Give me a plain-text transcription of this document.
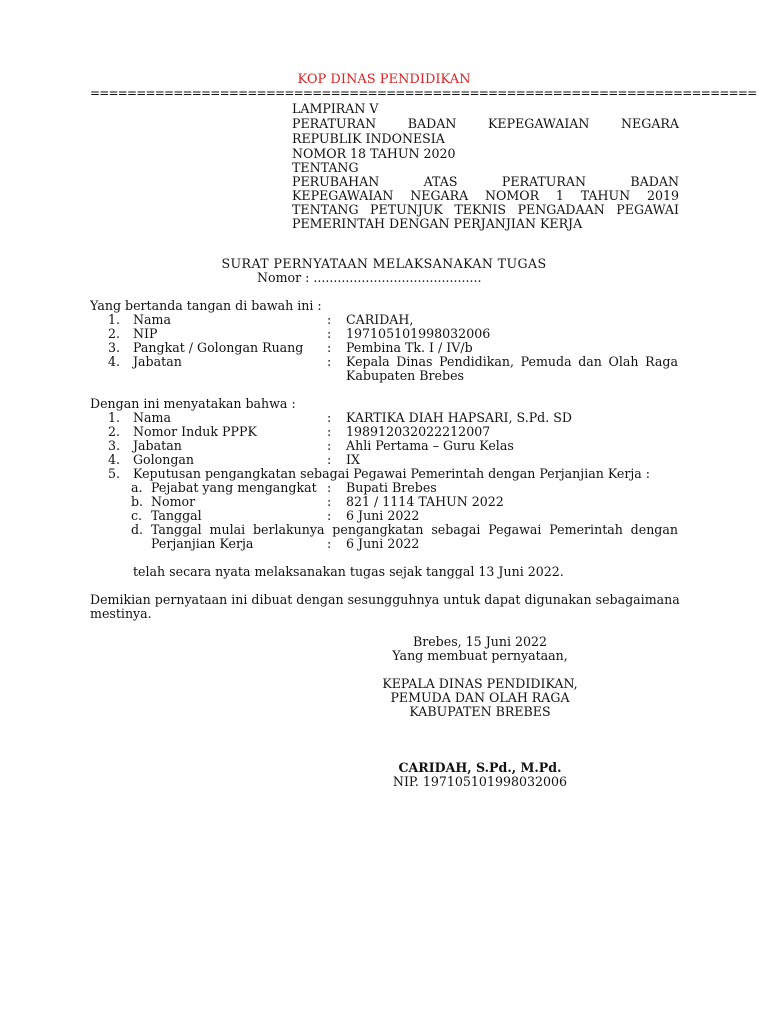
KOP DINAS PENDIDIKAN
========================================================================
LAMPIRAN V
PERATURAN BADAN KEPEGAWAIAN NEGARA
REPUBLIK INDONESIA
NOMOR 18 TAHUN 2020
TENTANG
PERUBAHAN ATAS PERATURAN BADAN
KEPEGAWAIAN NEGARA NOMOR 1 TAHUN 2019
TENTANG PETUNJUK TEKNIS PENGADAAN PEGAWAI
PEMERINTAH DENGAN PERJANJIAN KERJA
SURAT PERNYATAAN MELAKSANAKAN TUGAS
Nomor : ..........................................
Yang bertanda tangan di bawah ini :
1. Nama	: CARIDAH,
2. NIP	: 197105101998032006
3. Pangkat / Golongan Ruang : Pembina Tk. I / IV/b
4. Jabatan	: Kepala Dinas Pendidikan, Pemuda dan Olah Raga
Kabupaten Brebes
Dengan ini menyatakan bahwa :
1. Nama	: KARTIKA DIAH HAPSARI, S.Pd. SD
2. Nomor Induk PPPK	: 198912032022212007
3. Jabatan	: Ahli Pertama – Guru Kelas
4. Golongan	: IX
5. Keputusan pengangkatan sebagai Pegawai Pemerintah dengan Perjanjian Kerja :
a. Pejabat yang mengangkat : Bupati Brebes
b. Nomor	: 821 / 1114 TAHUN 2022
c. Tanggal	: 6 Juni 2022
d. Tanggal mulai berlakunya pengangkatan sebagai Pegawai Pemerintah dengan
Perjanjian Kerja	: 6 Juni 2022
telah secara nyata melaksanakan tugas sejak tanggal 13 Juni 2022.
Demikian pernyataan ini dibuat dengan sesungguhnya untuk dapat digunakan sebagaimana
mestinya.
Brebes, 15 Juni 2022
Yang membuat pernyataan,
KEPALA DINAS PENDIDIKAN,
PEMUDA DAN OLAH RAGA
KABUPATEN BREBES
CARIDAH, S.Pd., M.Pd.
NIP. 197105101998032006
